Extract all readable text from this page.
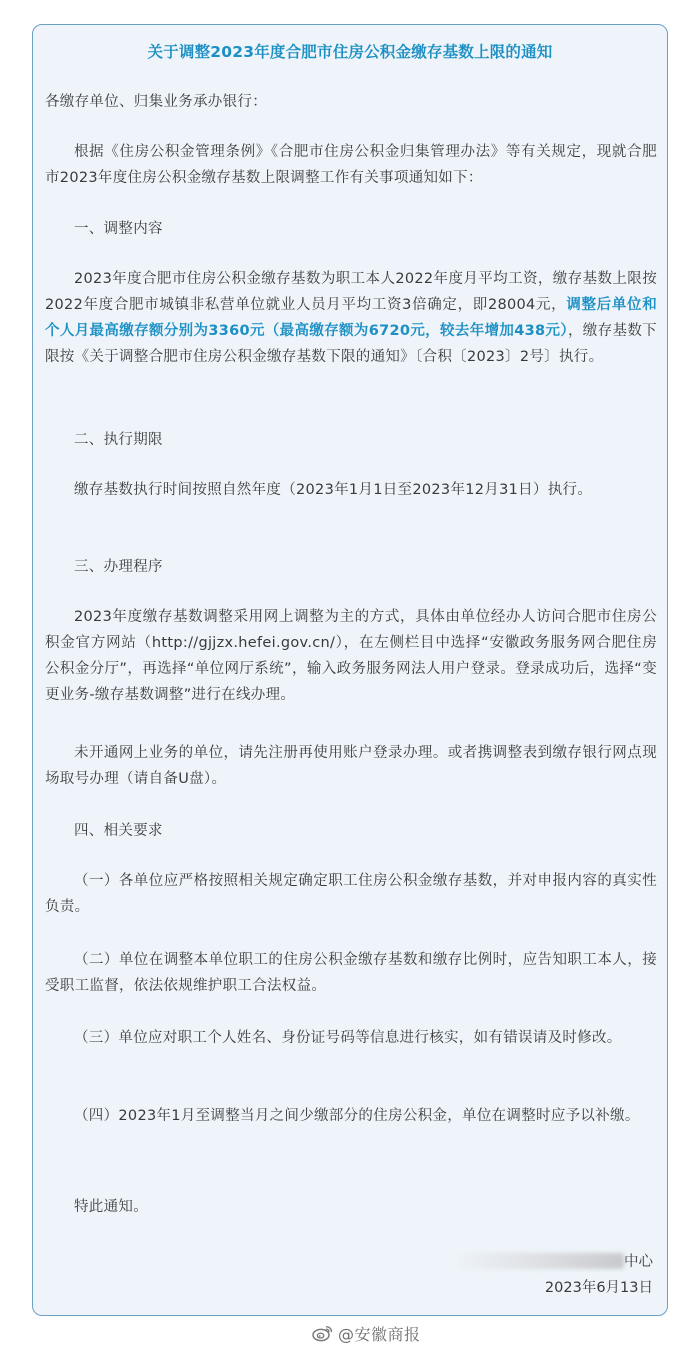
关于调整2023年度合肥市住房公积金缴存基数上限的通知
各缴存单位、归集业务承办银行：
根据《住房公积金管理条例》《合肥市住房公积金归集管理办法》等有关规定，现就合肥市2023年度住房公积金缴存基数上限调整工作有关事项通知如下：
一、调整内容
2023年度合肥市住房公积金缴存基数为职工本人2022年度月平均工资，缴存基数上限按2022年度合肥市城镇非私营单位就业人员月平均工资3倍确定，即28004元，调整后单位和个人月最高缴存额分别为3360元（最高缴存额为6720元，较去年增加438元），缴存基数下限按《关于调整合肥市住房公积金缴存基数下限的通知》〔合积〔2023〕2号〕执行。
二、执行期限
缴存基数执行时间按照自然年度（2023年1月1日至2023年12月31日）执行。
三、办理程序
2023年度缴存基数调整采用网上调整为主的方式，具体由单位经办人访问合肥市住房公积金官方网站（http://gjjzx.hefei.gov.cn/），在左侧栏目中选择“安徽政务服务网合肥住房公积金分厅”，再选择“单位网厅系统”，输入政务服务网法人用户登录。登录成功后，选择“变更业务-缴存基数调整”进行在线办理。
未开通网上业务的单位，请先注册再使用账户登录办理。或者携调整表到缴存银行网点现场取号办理（请自备U盘）。
四、相关要求
（一）各单位应严格按照相关规定确定职工住房公积金缴存基数，并对申报内容的真实性负责。
（二）单位在调整本单位职工的住房公积金缴存基数和缴存比例时，应告知职工本人，接受职工监督，依法依规维护职工合法权益。
（三）单位应对职工个人姓名、身份证号码等信息进行核实，如有错误请及时修改。
（四）2023年1月至调整当月之间少缴部分的住房公积金，单位在调整时应予以补缴。
特此通知。
中心
2023年6月13日
@安徽商报
